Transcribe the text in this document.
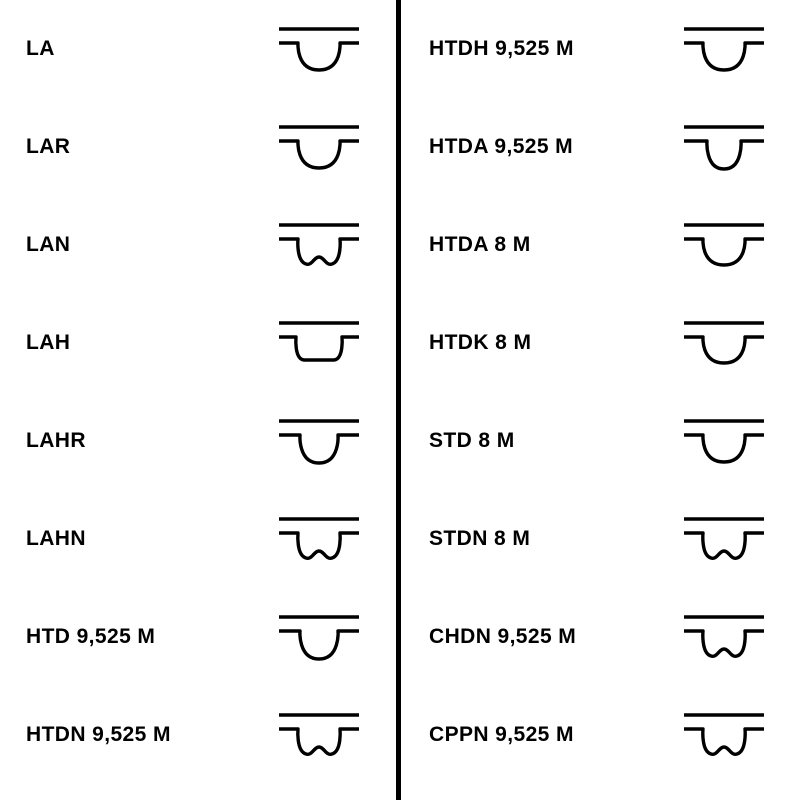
LA
LAR
LAN
LAH
LAHR
LAHN
HTD 9,525 M
HTDN 9,525 M
HTDH 9,525 M
HTDA 9,525 M
HTDA 8 M
HTDK 8 M
STD 8 M
STDN 8 M
CHDN 9,525 M
CPPN 9,525 M
